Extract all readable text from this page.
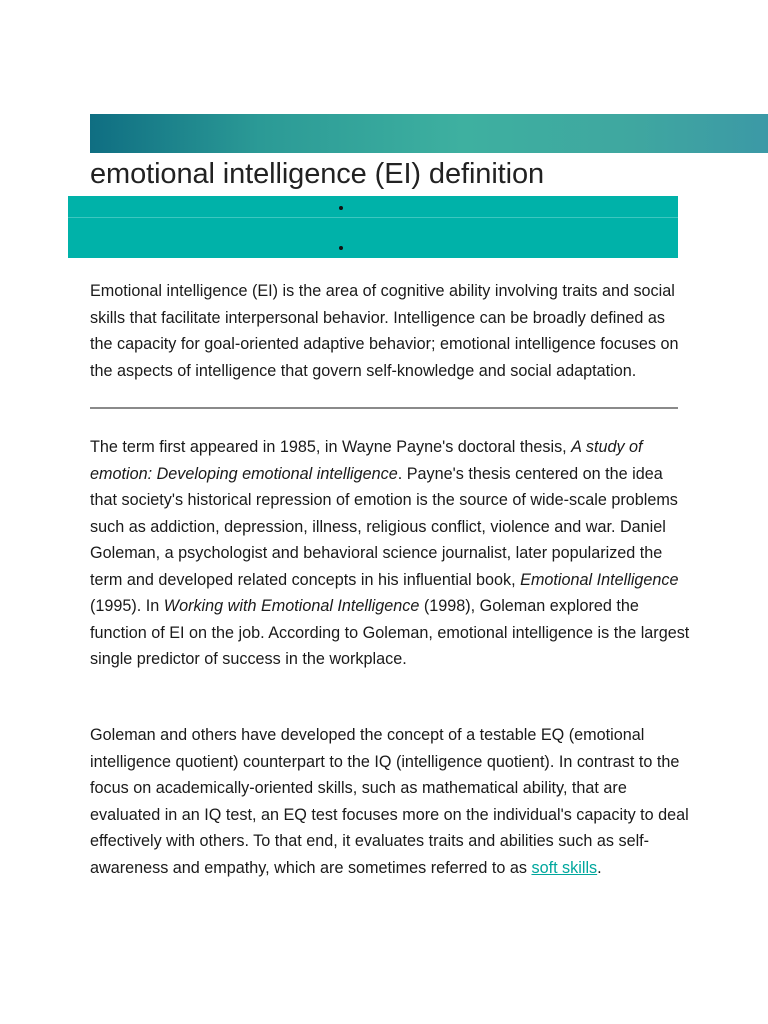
emotional intelligence (EI) definition

Emotional intelligence (EI) is the area of cognitive ability involving traits and social skills that facilitate interpersonal behavior. Intelligence can be broadly defined as the capacity for goal-oriented adaptive behavior; emotional intelligence focuses on the aspects of intelligence that govern self-knowledge and social adaptation.

The term first appeared in 1985, in Wayne Payne's doctoral thesis, A study of emotion: Developing emotional intelligence. Payne's thesis centered on the idea that society's historical repression of emotion is the source of wide-scale problems such as addiction, depression, illness, religious conflict, violence and war. Daniel Goleman, a psychologist and behavioral science journalist, later popularized the term and developed related concepts in his influential book, Emotional Intelligence (1995). In Working with Emotional Intelligence (1998), Goleman explored the function of EI on the job. According to Goleman, emotional intelligence is the largest single predictor of success in the workplace.

Goleman and others have developed the concept of a testable EQ (emotional intelligence quotient) counterpart to the IQ (intelligence quotient). In contrast to the focus on academically-oriented skills, such as mathematical ability, that are evaluated in an IQ test, an EQ test focuses more on the individual's capacity to deal effectively with others. To that end, it evaluates traits and abilities such as self-awareness and empathy, which are sometimes referred to as soft skills.
